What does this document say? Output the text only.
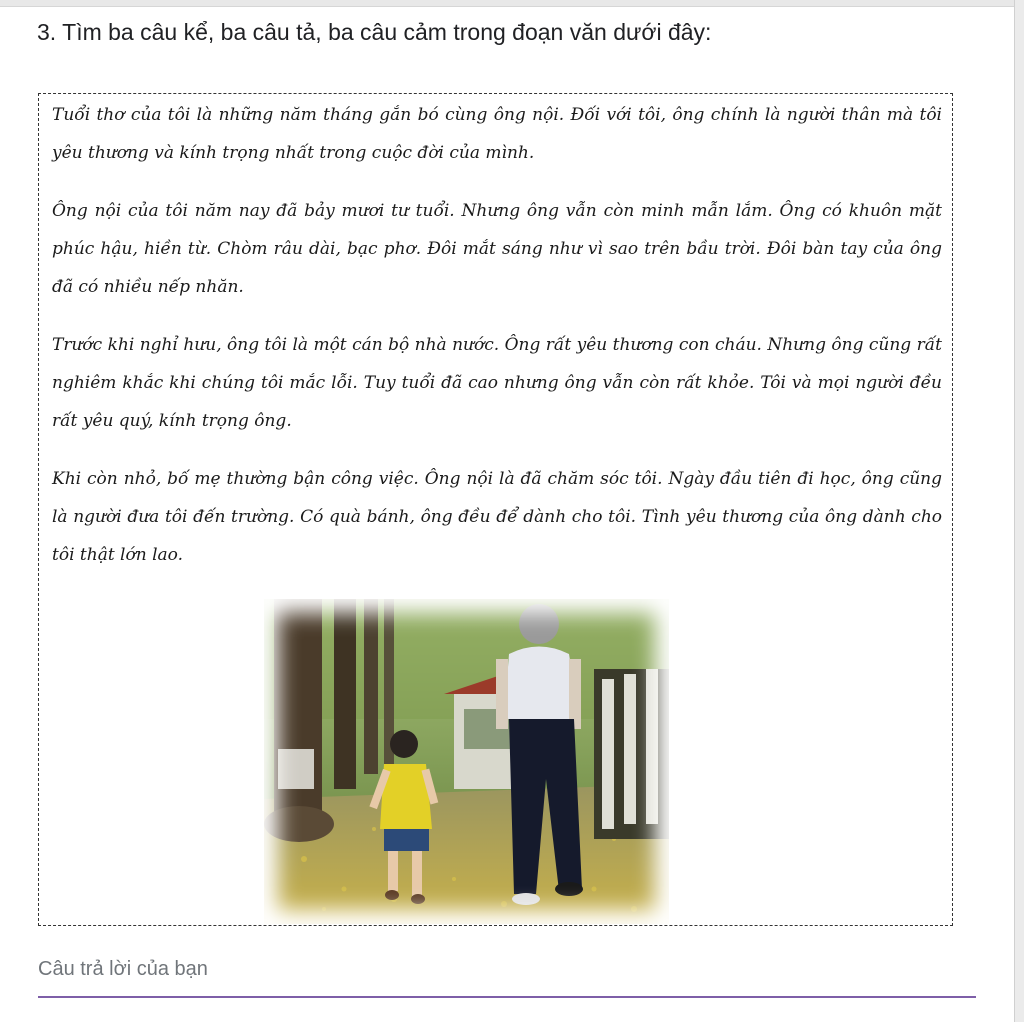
3. Tìm ba câu kể, ba câu tả, ba câu cảm trong đoạn văn dưới đây:

Tuổi thơ của tôi là những năm tháng gắn bó cùng ông nội. Đối với tôi, ông chính là người thân mà tôi yêu thương và kính trọng nhất trong cuộc đời của mình.

Ông nội của tôi năm nay đã bảy mươi tư tuổi. Nhưng ông vẫn còn minh mẫn lắm. Ông có khuôn mặt phúc hậu, hiền từ. Chòm râu dài, bạc phơ. Đôi mắt sáng như vì sao trên bầu trời. Đôi bàn tay của ông đã có nhiều nếp nhăn.

Trước khi nghỉ hưu, ông tôi là một cán bộ nhà nước. Ông rất yêu thương con cháu. Nhưng ông cũng rất nghiêm khắc khi chúng tôi mắc lỗi. Tuy tuổi đã cao nhưng ông vẫn còn rất khỏe. Tôi và mọi người đều rất yêu quý, kính trọng ông.

Khi còn nhỏ, bố mẹ thường bận công việc. Ông nội là đã chăm sóc tôi. Ngày đầu tiên đi học, ông cũng là người đưa tôi đến trường. Có quà bánh, ông đều để dành cho tôi. Tình yêu thương của ông dành cho tôi thật lớn lao.

Câu trả lời của bạn
